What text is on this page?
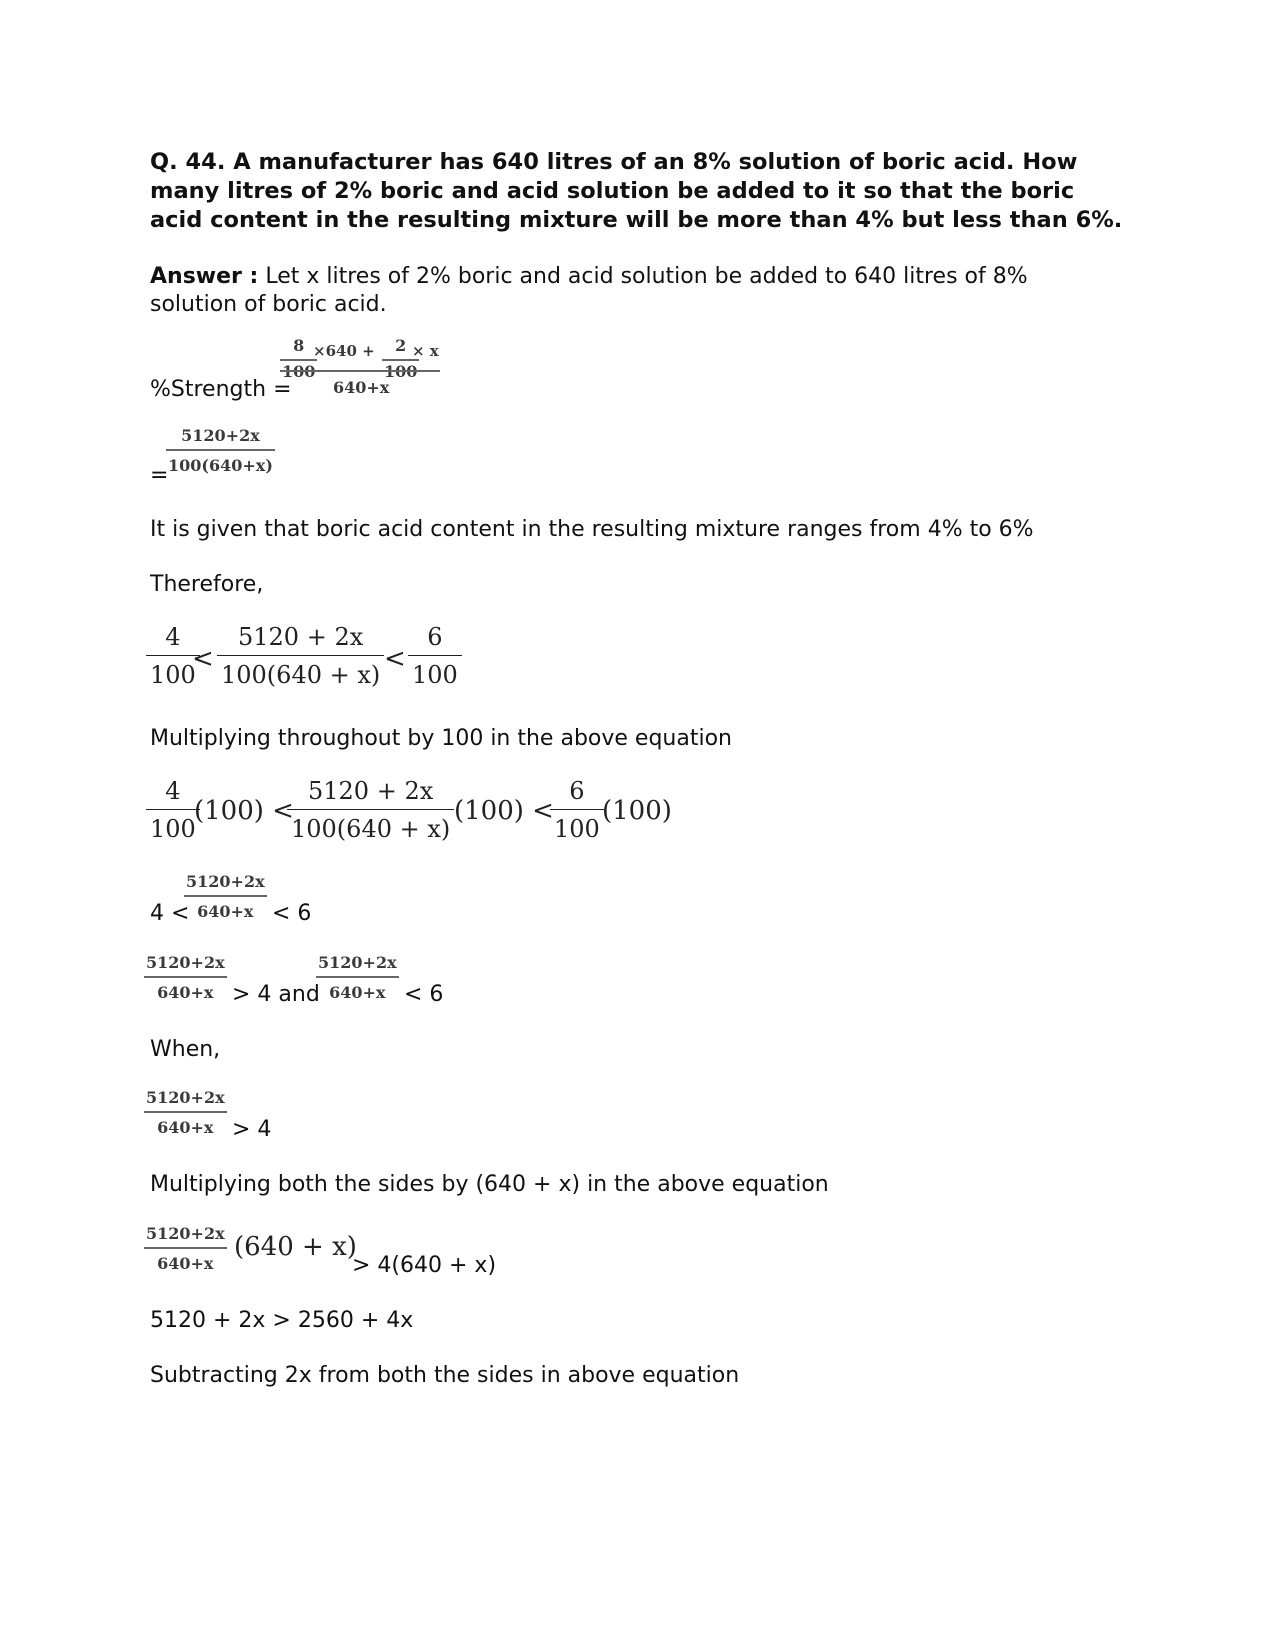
Q. 44. A manufacturer has 640 litres of an 8% solution of boric acid. How many litres of 2% boric and acid solution be added to it so that the boric acid content in the resulting mixture will be more than 4% but less than 6%.
Answer : Let x litres of 2% boric and acid solution be added to 640 litres of 8% solution of boric acid.
%Strength =
8
100
×640 + 2
100
× x
640+x
=
5120+2x
100(640+x)
It is given that boric acid content in the resulting mixture ranges from 4% to 6%
Therefore,
4
100
<
5120 + 2x
100(640 + x)
<
6
100
Multiplying throughout by 100 in the above equation
4
100
(100) <
5120 + 2x
100(640 + x)
(100) <
6
100
(100)
4 <
5120+2x
640+x < 6
5120+2x
640+x > 4 and
5120+2x
640+x < 6
When,
5120+2x
640+x > 4
Multiplying both the sides by (640 + x) in the above equation
5120+2x
640+x
(640 + x)
> 4(640 + x)
5120 + 2x > 2560 + 4x
Subtracting 2x from both the sides in above equation
